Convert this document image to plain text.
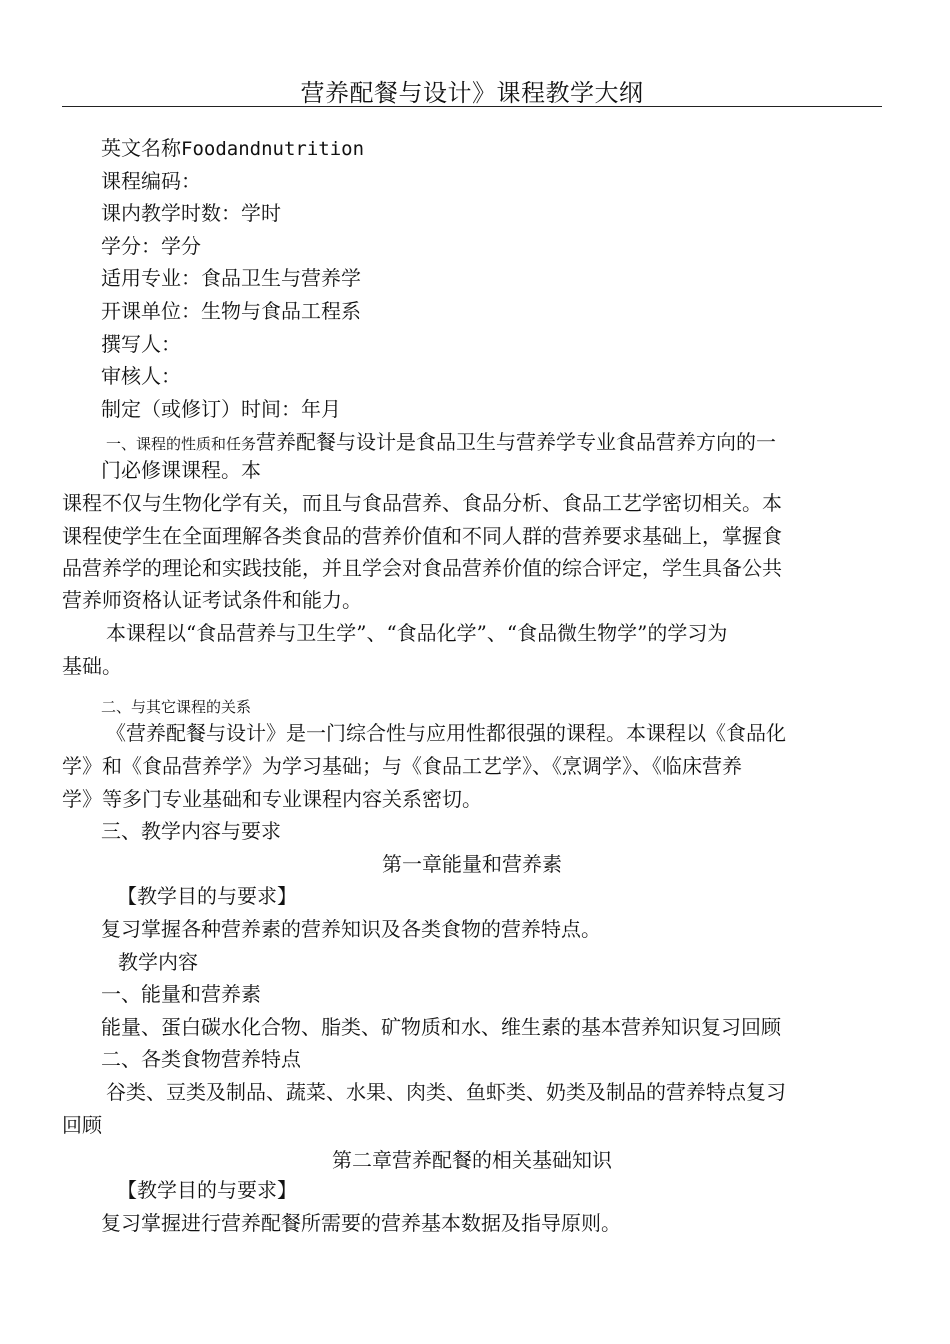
营养配餐与设计》课程教学大纲
英文名称Foodandnutrition
课程编码：
课内教学时数：学时
学分：学分
适用专业：食品卫生与营养学
开课单位：生物与食品工程系
撰写人：
审核人：
制定（或修订）时间：年月
一、课程的性质和任务营养配餐与设计是食品卫生与营养学专业食品营养方向的一
门必修课课程。本
课程不仅与生物化学有关，而且与食品营养、食品分析、食品工艺学密切相关。本
课程使学生在全面理解各类食品的营养价值和不同人群的营养要求基础上，掌握食
品营养学的理论和实践技能，并且学会对食品营养价值的综合评定，学生具备公共
营养师资格认证考试条件和能力。
本课程以“食品营养与卫生学”、“食品化学”、“食品微生物学”的学习为
基础。
二、与其它课程的关系
《营养配餐与设计》是一门综合性与应用性都很强的课程。本课程以《食品化
学》和《食品营养学》为学习基础；与《食品工艺学》、《烹调学》、《临床营养
学》等多门专业基础和专业课程内容关系密切。
三、教学内容与要求
第一章能量和营养素
【教学目的与要求】
复习掌握各种营养素的营养知识及各类食物的营养特点。
教学内容
一、能量和营养素
能量、蛋白碳水化合物、脂类、矿物质和水、维生素的基本营养知识复习回顾
二、各类食物营养特点
谷类、豆类及制品、蔬菜、水果、肉类、鱼虾类、奶类及制品的营养特点复习
回顾
第二章营养配餐的相关基础知识
【教学目的与要求】
复习掌握进行营养配餐所需要的营养基本数据及指导原则。
